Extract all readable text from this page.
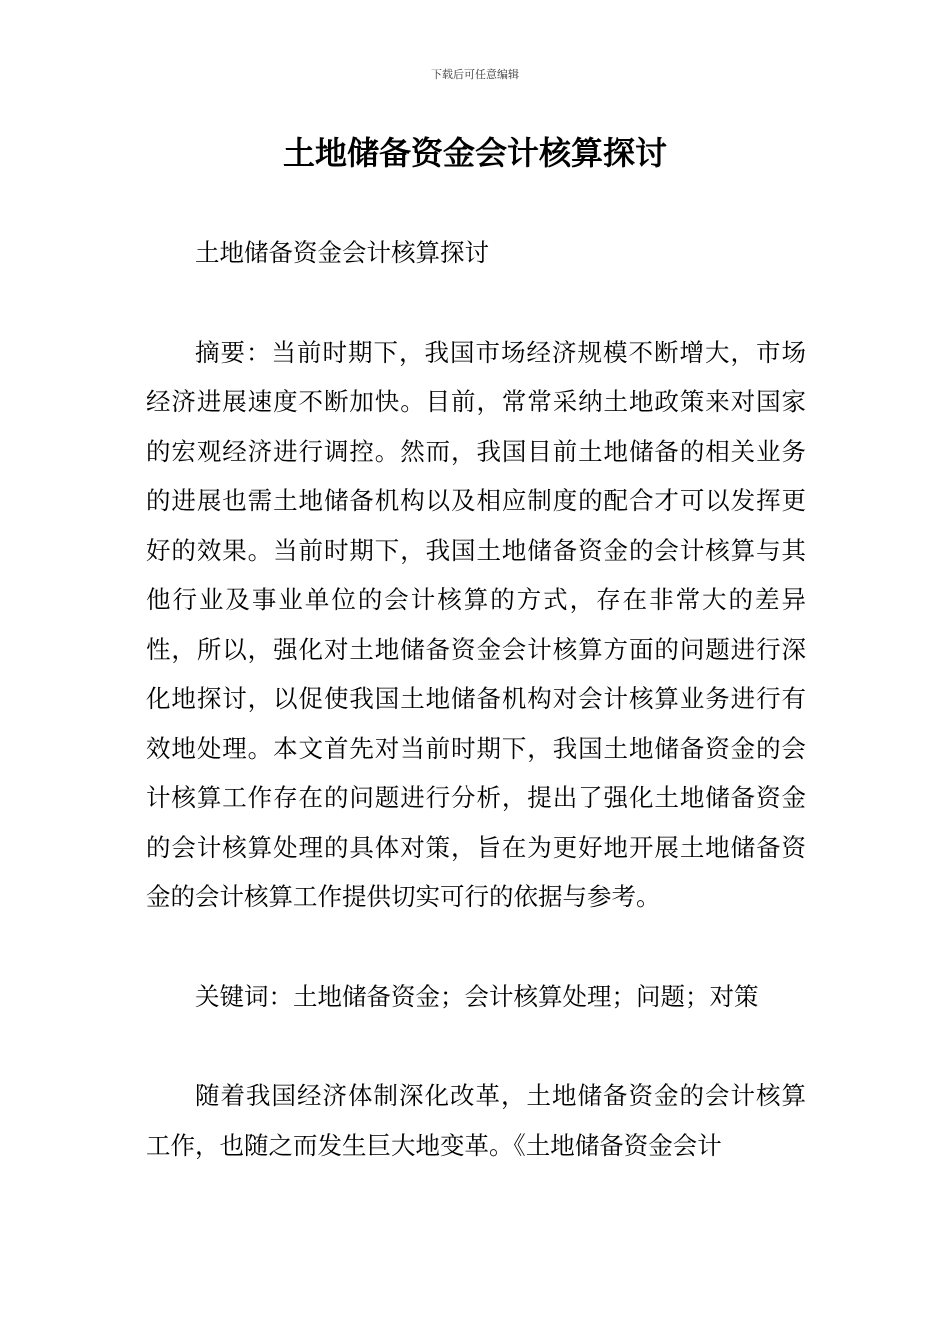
下载后可任意编辑
土地储备资金会计核算探讨

土地储备资金会计核算探讨

摘要：当前时期下，我国市场经济规模不断增大，市场经济进展速度不断加快。目前，常常采纳土地政策来对国家的宏观经济进行调控。然而，我国目前土地储备的相关业务的进展也需土地储备机构以及相应制度的配合才可以发挥更好的效果。当前时期下，我国土地储备资金的会计核算与其他行业及事业单位的会计核算的方式，存在非常大的差异性，所以，强化对土地储备资金会计核算方面的问题进行深化地探讨，以促使我国土地储备机构对会计核算业务进行有效地处理。本文首先对当前时期下，我国土地储备资金的会计核算工作存在的问题进行分析，提出了强化土地储备资金的会计核算处理的具体对策，旨在为更好地开展土地储备资金的会计核算工作提供切实可行的依据与参考。

关键词：土地储备资金；会计核算处理；问题；对策

随着我国经济体制深化改革，土地储备资金的会计核算工作，也随之而发生巨大地变革。《土地储备资金会计
